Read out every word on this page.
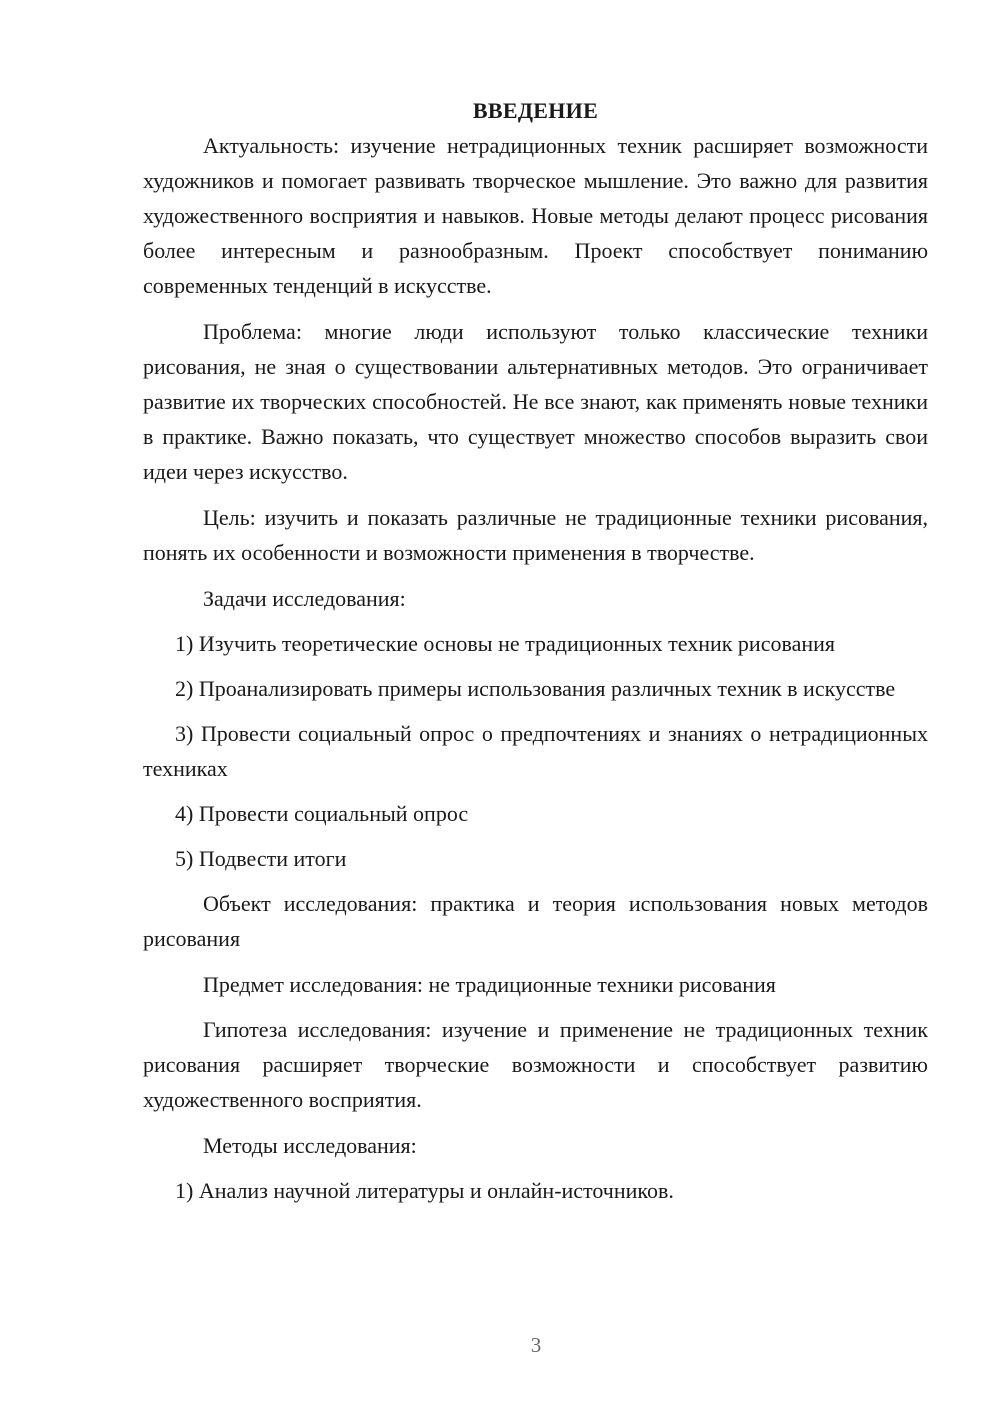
ВВЕДЕНИЕ

Актуальность: изучение нетрадиционных техник расширяет возможности художников и помогает развивать творческое мышление. Это важно для развития художественного восприятия и навыков. Новые методы делают процесс рисования более интересным и разнообразным. Проект способствует пониманию современных тенденций в искусстве.

Проблема: многие люди используют только классические техники рисования, не зная о существовании альтернативных методов. Это ограничивает развитие их творческих способностей. Не все знают, как применять новые техники в практике. Важно показать, что существует множество способов выразить свои идеи через искусство.

Цель: изучить и показать различные не традиционные техники рисования, понять их особенности и возможности применения в творчестве.

Задачи исследования:

1) Изучить теоретические основы не традиционных техник рисования

2) Проанализировать примеры использования различных техник в искусстве

3) Провести социальный опрос о предпочтениях и знаниях о нетрадиционных техниках

4) Провести социальный опрос

5) Подвести итоги

Объект исследования: практика и теория использования новых методов рисования

Предмет исследования: не традиционные техники рисования

Гипотеза исследования: изучение и применение не традиционных техник рисования расширяет творческие возможности и способствует развитию художественного восприятия.

Методы исследования:

1) Анализ научной литературы и онлайн-источников.

3
